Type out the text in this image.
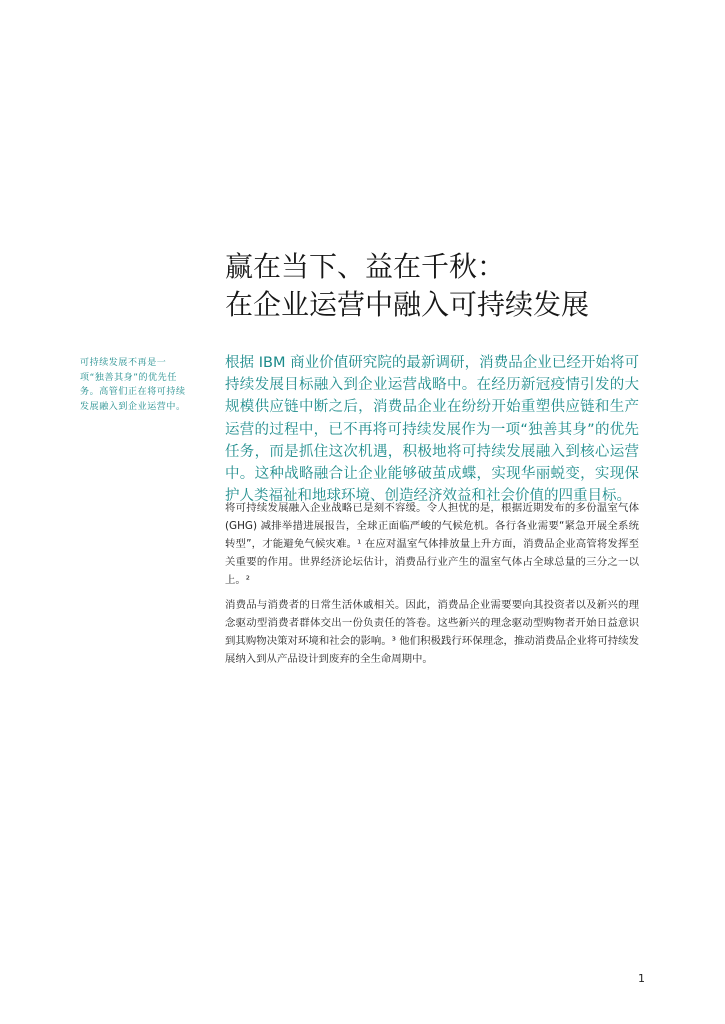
赢在当下、益在千秋：
在企业运营中融入可持续发展

可持续发展不再是一项“独善其身”的优先任务。高管们正在将可持续发展融入到企业运营中。

根据 IBM 商业价值研究院的最新调研，消费品企业已经开始将可持续发展目标融入到企业运营战略中。在经历新冠疫情引发的大规模供应链中断之后，消费品企业在纷纷开始重塑供应链和生产运营的过程中，已不再将可持续发展作为一项“独善其身”的优先任务，而是抓住这次机遇，积极地将可持续发展融入到核心运营中。这种战略融合让企业能够破茧成蝶，实现华丽蜕变，实现保护人类福祉和地球环境、创造经济效益和社会价值的四重目标。

将可持续发展融入企业战略已是刻不容缓。令人担忧的是，根据近期发布的多份温室气体 (GHG) 减排举措进展报告，全球正面临严峻的气候危机。各行各业需要“紧急开展全系统转型”，才能避免气候灾难。¹ 在应对温室气体排放量上升方面，消费品企业高管将发挥至关重要的作用。世界经济论坛估计，消费品行业产生的温室气体占全球总量的三分之一以上。²

消费品与消费者的日常生活休戚相关。因此，消费品企业需要要向其投资者以及新兴的理念驱动型消费者群体交出一份负责任的答卷。这些新兴的理念驱动型购物者开始日益意识到其购物决策对环境和社会的影响。³ 他们积极践行环保理念，推动消费品企业将可持续发展纳入到从产品设计到废弃的全生命周期中。

1
